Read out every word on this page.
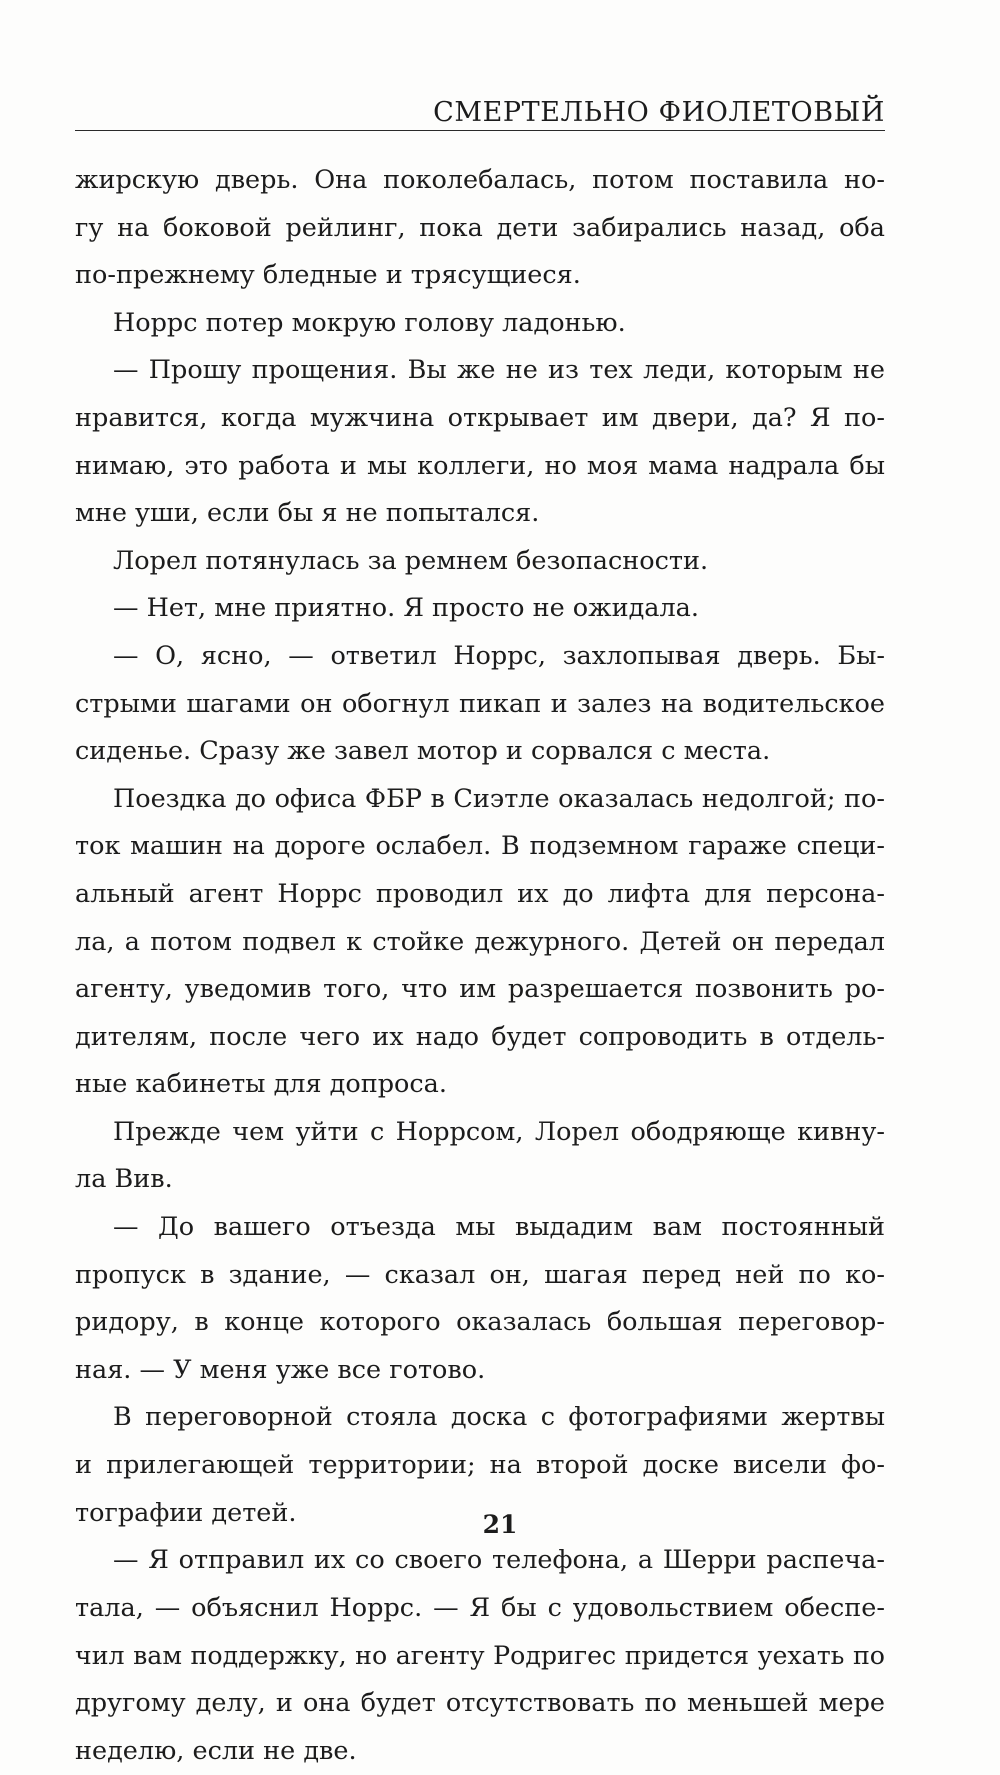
СМЕРТЕЛЬНО ФИОЛЕТОВЫЙ
жирскую дверь. Она поколебалась, потом поставила но-
гу на боковой рейлинг, пока дети забирались назад, оба
по-прежнему бледные и трясущиеся.
Норрс потер мокрую голову ладонью.
— Прошу прощения. Вы же не из тех леди, которым не
нравится, когда мужчина открывает им двери, да? Я по-
нимаю, это работа и мы коллеги, но моя мама надрала бы
мне уши, если бы я не попытался.
Лорел потянулась за ремнем безопасности.
— Нет, мне приятно. Я просто не ожидала.
— О, ясно, — ответил Норрс, захлопывая дверь. Бы-
стрыми шагами он обогнул пикап и залез на водительское
сиденье. Сразу же завел мотор и сорвался с места.
Поездка до офиса ФБР в Сиэтле оказалась недолгой; по-
ток машин на дороге ослабел. В подземном гараже специ-
альный агент Норрс проводил их до лифта для персона-
ла, а потом подвел к стойке дежурного. Детей он передал
агенту, уведомив того, что им разрешается позвонить ро-
дителям, после чего их надо будет сопроводить в отдель-
ные кабинеты для допроса.
Прежде чем уйти с Норрсом, Лорел ободряюще кивну-
ла Вив.
— До вашего отъезда мы выдадим вам постоянный
пропуск в здание, — сказал он, шагая перед ней по ко-
ридору, в конце которого оказалась большая переговор-
ная. — У меня уже все готово.
В переговорной стояла доска с фотографиями жертвы
и прилегающей территории; на второй доске висели фо-
тографии детей.
— Я отправил их со своего телефона, а Шерри распеча-
тала, — объяснил Норрс. — Я бы с удовольствием обеспе-
чил вам поддержку, но агенту Родригес придется уехать по
другому делу, и она будет отсутствовать по меньшей мере
неделю, если не две.
21
